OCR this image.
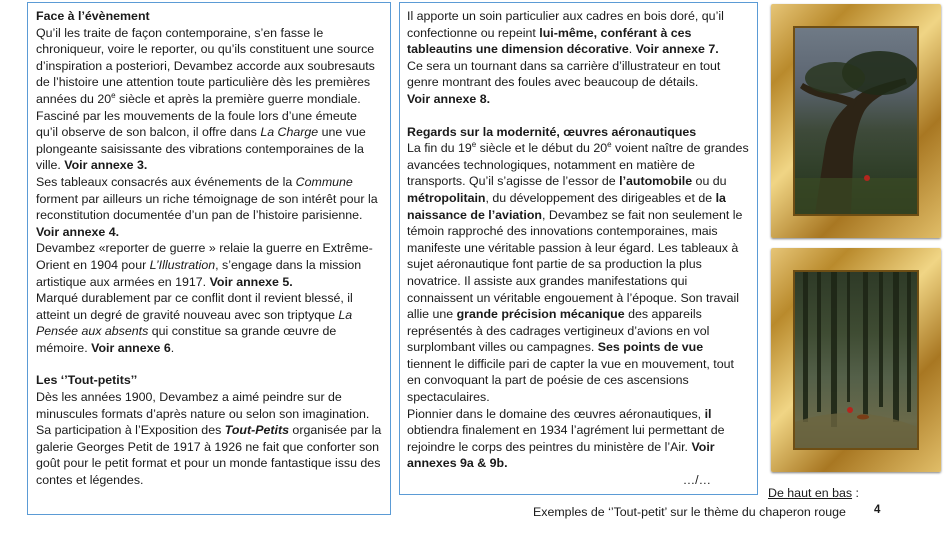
Face à l’évènement

Qu’il les traite de façon contemporaine, s’en fasse le chroniqueur, voire le reporter, ou qu’ils constituent une source d’inspiration a posteriori, Devambez accorde aux soubresauts de l’histoire une attention toute particulière dès les premières années du 20e siècle et après la première guerre mondiale.

Fasciné par les mouvements de la foule lors d’une émeute qu’il observe de son balcon, il offre dans La Charge une vue plongeante saisissante des vibrations contemporaines de la ville. Voir annexe 3.

Ses tableaux consacrés aux événements de la Commune forment par ailleurs un riche témoignage de son intérêt pour la reconstitution documentée d’un pan de l’histoire parisienne. Voir annexe 4.

Devambez «reporter de guerre » relaie la guerre en Extrême-Orient en 1904 pour L’Illustration, s’engage dans la mission artistique aux armées en 1917. Voir annexe 5.

Marqué durablement par ce conflit dont il revient blessé, il atteint un degré de gravité nouveau avec son triptyque La Pensée aux absents qui constitue sa grande œuvre de mémoire. Voir annexe 6.

Les ‘’Tout-petits’’

Dès les années 1900, Devambez a aimé peindre sur de minuscules formats d’après nature ou selon son imagination.

Sa participation à l’Exposition des Tout-Petits organisée par la galerie Georges Petit de 1917 à 1926 ne fait que conforter son goût pour le petit format et pour un monde fantastique issu des contes et légendes.

Il apporte un soin particulier aux cadres en bois doré, qu’il confectionne ou repeint lui-même, conférant à ces tableautins une dimension décorative. Voir annexe 7.

Ce sera un tournant dans sa carrière d’illustrateur en tout genre montrant des foules avec beaucoup de détails.

Voir annexe 8.

Regards sur la modernité, œuvres aéronautiques

La fin du 19e siècle et le début du 20e voient naître de grandes avancées technologiques, notamment en matière de transports. Qu’il s’agisse de l’essor de l’automobile ou du métropolitain, du développement des dirigeables et de la naissance de l’aviation, Devambez se fait non seulement le témoin rapproché des innovations contemporaines, mais manifeste une véritable passion à leur égard. Les tableaux à sujet aéronautique font partie de sa production la plus novatrice. Il assiste aux grandes manifestations qui connaissent un véritable engouement à l’époque. Son travail allie une grande précision mécanique des appareils représentés à des cadrages vertigineux d’avions en vol surplombant villes ou campagnes. Ses points de vue tiennent le difficile pari de capter la vue en mouvement, tout en convoquant la part de poésie de ces ascensions spectaculaires.

Pionnier dans le domaine des œuvres aéronautiques, il obtiendra finalement en 1934 l’agrément lui permettant de rejoindre le corps des peintres du ministère de l’Air. Voir annexes 9a & 9b.

…/…

De haut en bas :
Exemples de ‘’Tout-petit’ sur le thème du chaperon rouge 4
